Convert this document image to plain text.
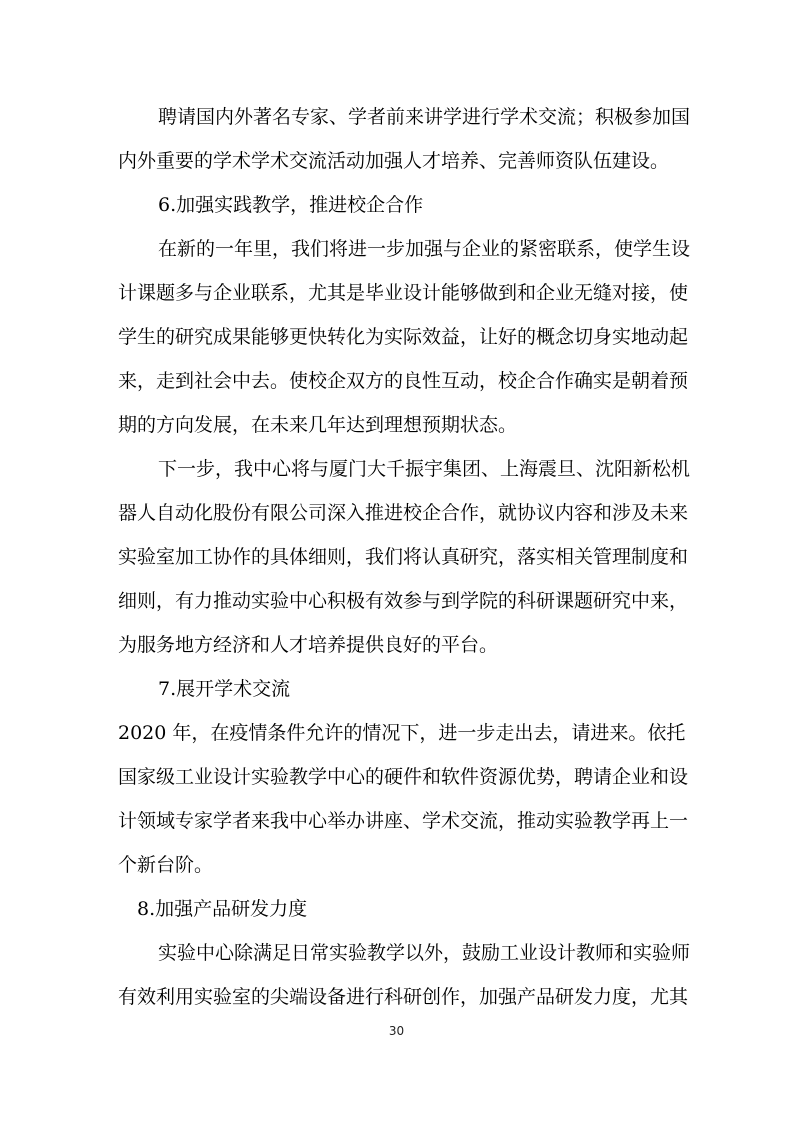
聘请国内外著名专家、学者前来讲学进行学术交流；积极参加国
内外重要的学术学术交流活动加强人才培养、完善师资队伍建设。
6.加强实践教学，推进校企合作
在新的一年里，我们将进一步加强与企业的紧密联系，使学生设
计课题多与企业联系，尤其是毕业设计能够做到和企业无缝对接，使
学生的研究成果能够更快转化为实际效益，让好的概念切身实地动起
来，走到社会中去。使校企双方的良性互动，校企合作确实是朝着预
期的方向发展，在未来几年达到理想预期状态。
下一步，我中心将与厦门大千振宇集团、上海震旦、沈阳新松机
器人自动化股份有限公司深入推进校企合作，就协议内容和涉及未来
实验室加工协作的具体细则，我们将认真研究，落实相关管理制度和
细则，有力推动实验中心积极有效参与到学院的科研课题研究中来，
为服务地方经济和人才培养提供良好的平台。
7.展开学术交流
2020 年，在疫情条件允许的情况下，进一步走出去，请进来。依托
国家级工业设计实验教学中心的硬件和软件资源优势，聘请企业和设
计领域专家学者来我中心举办讲座、学术交流，推动实验教学再上一
个新台阶。
8.加强产品研发力度
实验中心除满足日常实验教学以外，鼓励工业设计教师和实验师
有效利用实验室的尖端设备进行科研创作，加强产品研发力度，尤其
30
